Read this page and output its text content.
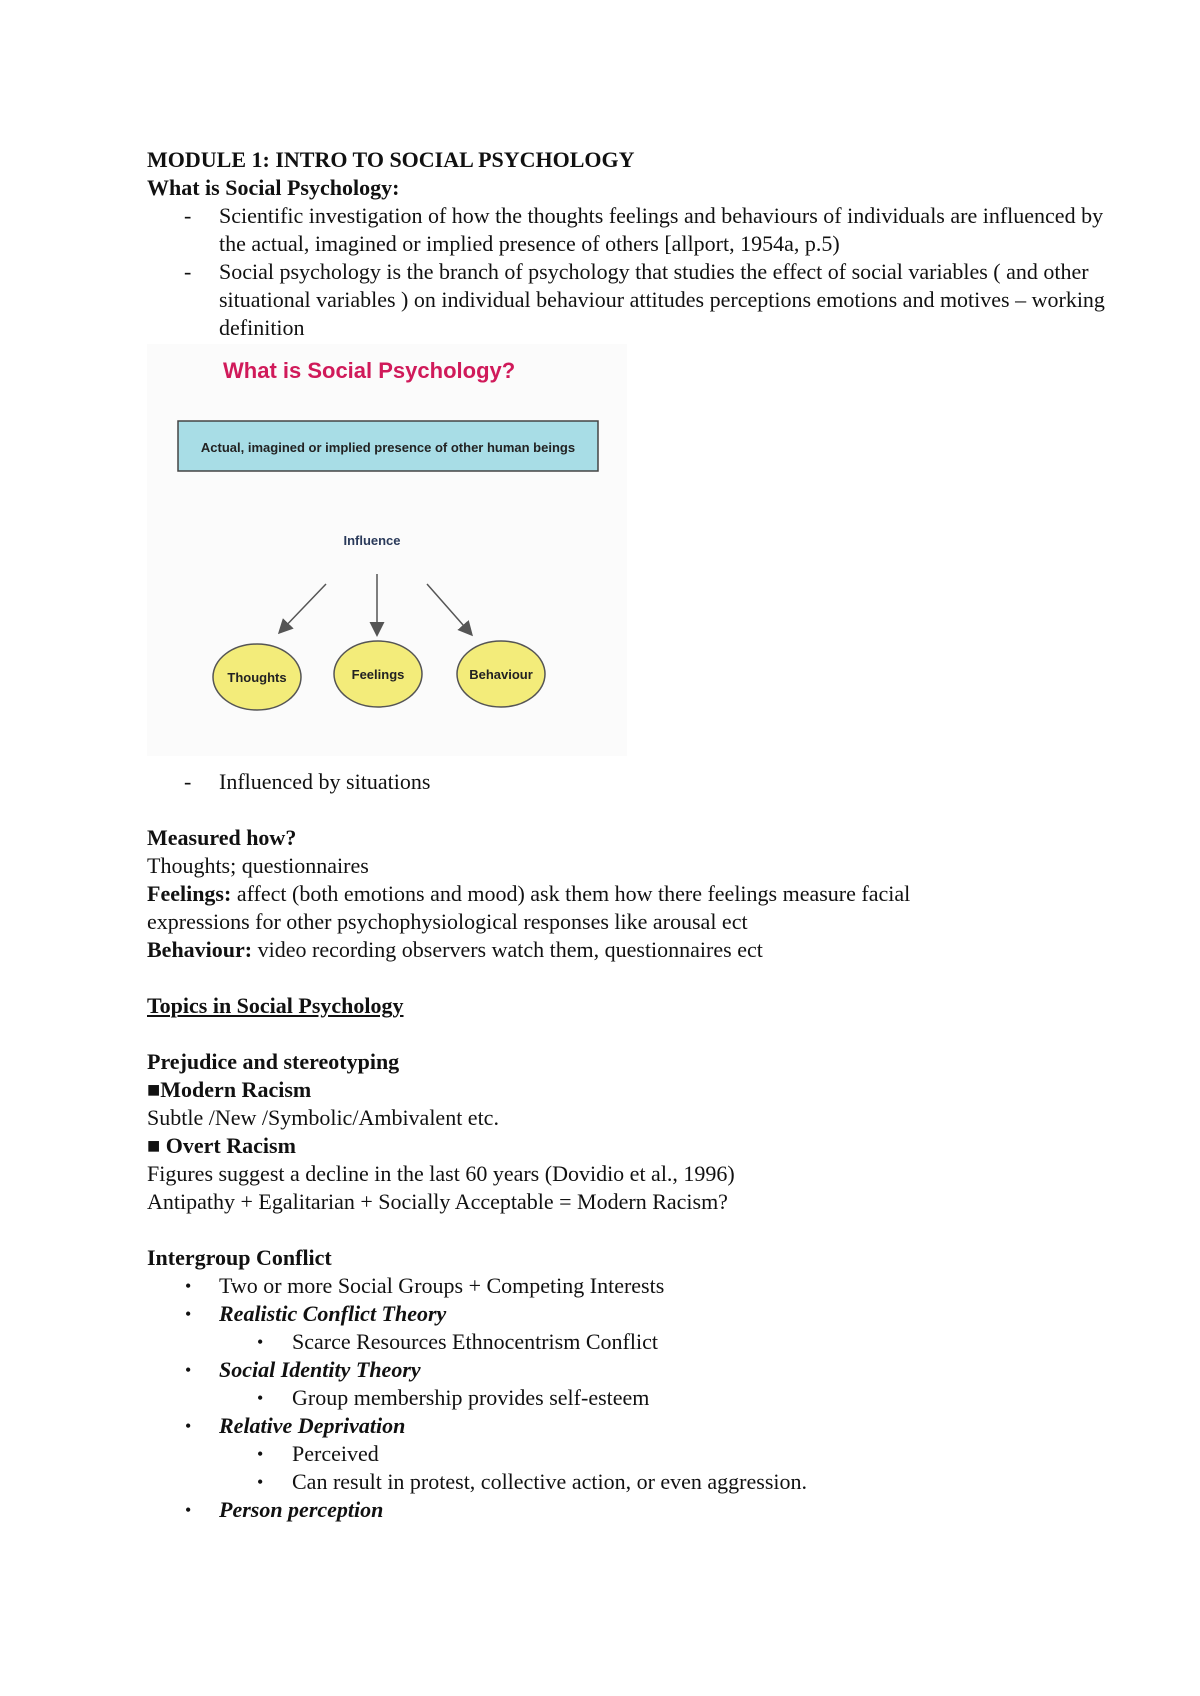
MODULE 1: INTRO TO SOCIAL PSYCHOLOGY
What is Social Psychology:
- Scientific investigation of how the thoughts feelings and behaviours of individuals are influenced by the actual, imagined or implied presence of others [allport, 1954a, p.5)
- Social psychology is the branch of psychology that studies the effect of social variables ( and other situational variables ) on individual behaviour attitudes perceptions emotions and motives – working definition
What is Social Psychology?
Actual, imagined or implied presence of other human beings
Influence
Thoughts	Feelings	Behaviour
- Influenced by situations
Measured how?
Thoughts; questionnaires
Feelings: affect (both emotions and mood) ask them how there feelings measure facial
expressions for other psychophysiological responses like arousal ect
Behaviour: video recording observers watch them, questionnaires ect
Topics in Social Psychology
Prejudice and stereotyping
■Modern Racism
Subtle /New /Symbolic/Ambivalent etc.
■ Overt Racism
Figures suggest a decline in the last 60 years (Dovidio et al., 1996)
Antipathy + Egalitarian + Socially Acceptable = Modern Racism?
Intergroup Conflict
• Two or more Social Groups + Competing Interests
• Realistic Conflict Theory
• Scarce Resources Ethnocentrism Conflict
• Social Identity Theory
• Group membership provides self-esteem
• Relative Deprivation
• Perceived
• Can result in protest, collective action, or even aggression.
• Person perception
